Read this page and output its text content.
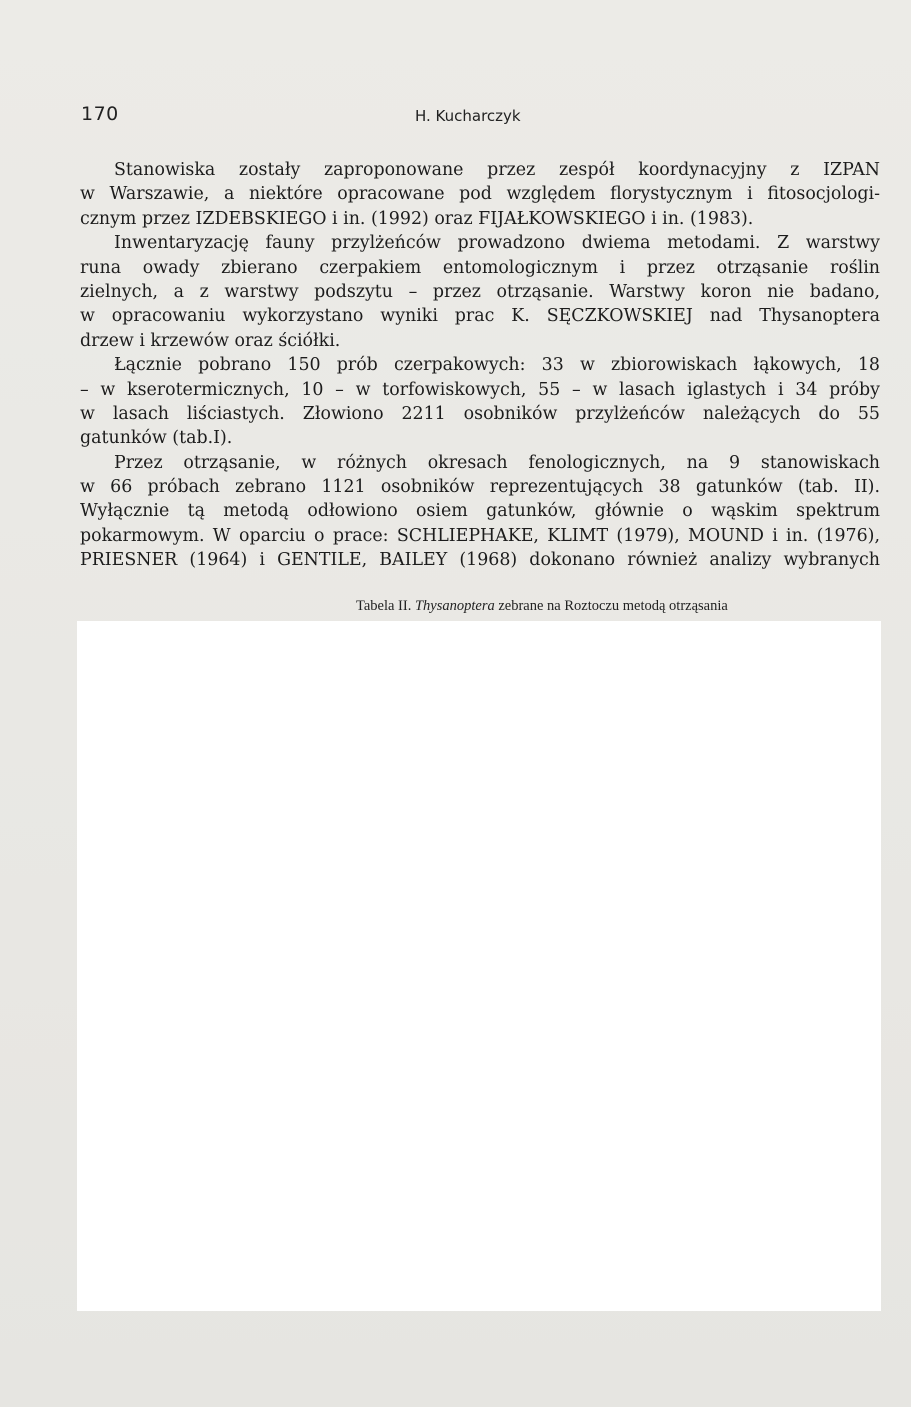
170	H. Kucharczyk
Stanowiska zostały zaproponowane przez zespół koordynacyjny z IZPAN
w Warszawie, a niektóre opracowane pod względem florystycznym i fitosocjologi-
cznym przez IZDEBSKIEGO i in. (1992) oraz FIJAŁKOWSKIEGO i in. (1983).
Inwentaryzację fauny przylżeńców prowadzono dwiema metodami. Z warstwy
runa owady zbierano czerpakiem entomologicznym i przez otrząsanie roślin
zielnych, a z warstwy podszytu – przez otrząsanie. Warstwy koron nie badano,
w opracowaniu wykorzystano wyniki prac K. SĘCZKOWSKIEJ nad Thysanoptera
drzew i krzewów oraz ściółki.
Łącznie pobrano 150 prób czerpakowych: 33 w zbiorowiskach łąkowych, 18
– w kserotermicznych, 10 – w torfowiskowych, 55 – w lasach iglastych i 34 próby
w lasach liściastych. Złowiono 2211 osobników przylżeńców należących do 55
gatunków (tab.I).
Przez otrząsanie, w różnych okresach fenologicznych, na 9 stanowiskach
w 66 próbach zebrano 1121 osobników reprezentujących 38 gatunków (tab. II).
Wyłącznie tą metodą odłowiono osiem gatunków, głównie o wąskim spektrum
pokarmowym. W oparciu o prace: SCHLIEPHAKE, KLIMT (1979), MOUND i in. (1976),
PRIESNER (1964) i GENTILE, BAILEY (1968) dokonano również analizy wybranych
Tabela II. Thysanoptera zebrane na Roztoczu metodą otrząsania
